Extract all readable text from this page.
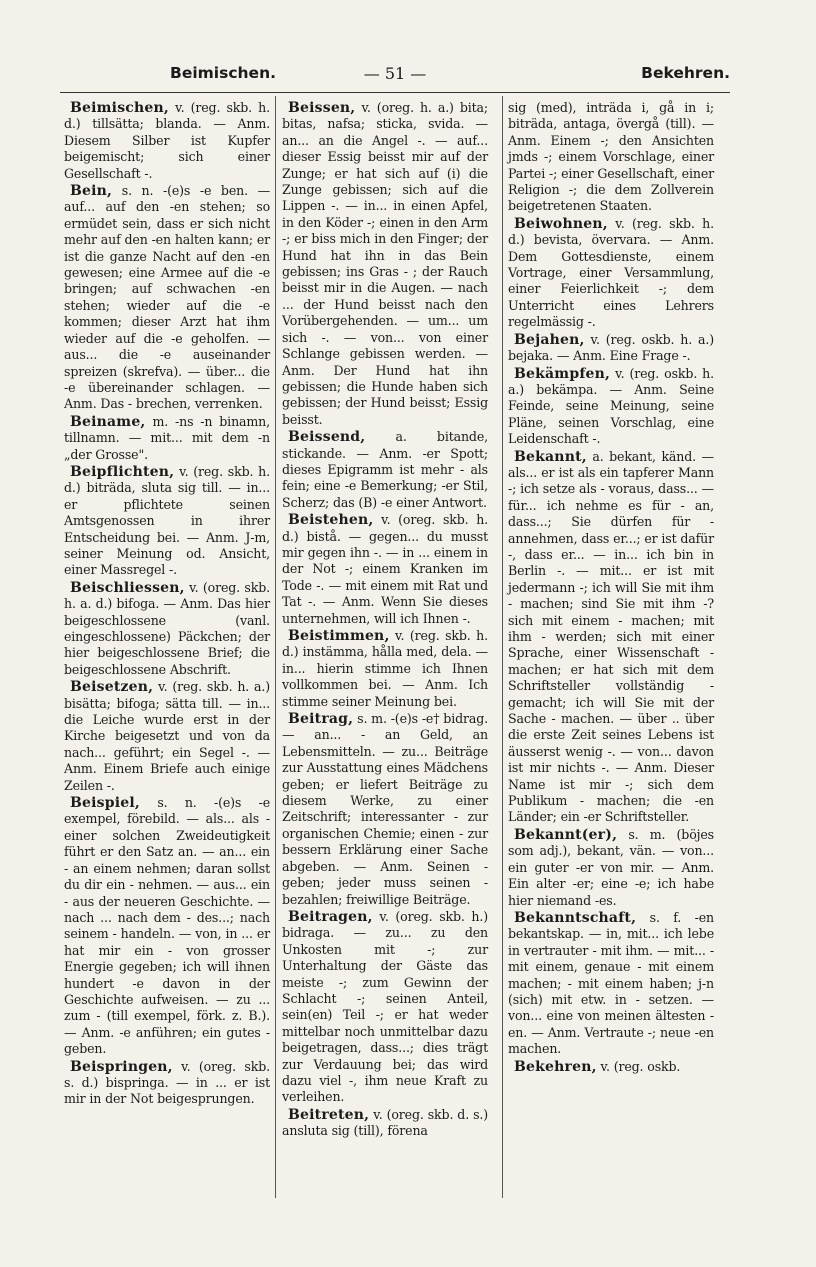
Beimischen.	— 51 —	Bekehren.

Beimischen, v. (reg. skb. h. d.) tillsätta; blanda. — Anm. Diesem Silber ist Kupfer beigemischt; sich einer Gesellschaft -.

Bein, s. n. -(e)s -e ben. — auf... auf den -en stehen; so ermüdet sein, dass er sich nicht mehr auf den -en halten kann; er ist die ganze Nacht auf den -en gewesen; eine Armee auf die -e bringen; auf schwachen -en stehen; wieder auf die -e kommen; dieser Arzt hat ihm wieder auf die -e geholfen. — aus... die -e auseinander spreizen (skrefva). — über... die -e übereinander schlagen. — Anm. Das - brechen, verrenken.

Beiname, m. -ns -n binamn, tillnamn. — mit... mit dem -n „der Grosse".

Beipflichten, v. (reg. skb. h. d.) biträda, sluta sig till. — in... er pflichtete seinen Amtsgenossen in ihrer Entscheidung bei. — Anm. J-m, seiner Meinung od. Ansicht, einer Massregel -.

Beischliessen, v. (oreg. skb. h. a. d.) bifoga. — Anm. Das hier beigeschlossene (vanl. eingeschlossene) Päckchen; der hier beigeschlossene Brief; die beigeschlossene Abschrift.

Beisetzen, v. (reg. skb. h. a.) bisätta; bifoga; sätta till. — in... die Leiche wurde erst in der Kirche beigesetzt und von da nach... geführt; ein Segel -. — Anm. Einem Briefe auch einige Zeilen -.

Beispiel, s. n. -(e)s -e exempel, förebild. — als... als - einer solchen Zweideutigkeit führt er den Satz an. — an... ein - an einem nehmen; daran sollst du dir ein - nehmen. — aus... ein - aus der neueren Geschichte. — nach ... nach dem - des...; nach seinem - handeln. — von, in ... er hat mir ein - von grosser Energie gegeben; ich will ihnen hundert -e davon in der Geschichte aufweisen. — zu ... zum - (till exempel, förk. z. B.). — Anm. -e anführen; ein gutes - geben.

Beispringen, v. (oreg. skb. s. d.) bispringa. — in ... er ist mir in der Not beigesprungen.

Beissen, v. (oreg. h. a.) bita; bitas, nafsa; sticka, svida. — an... an die Angel -. — auf... dieser Essig beisst mir auf der Zunge; er hat sich auf (i) die Zunge gebissen; sich auf die Lippen -. — in... in einen Apfel, in den Köder -; einen in den Arm -; er biss mich in den Finger; der Hund hat ihn in das Bein gebissen; ins Gras - ; der Rauch beisst mir in die Augen. — nach ... der Hund beisst nach den Vorübergehenden. — um... um sich -. — von... von einer Schlange gebissen werden. — Anm. Der Hund hat ihn gebissen; die Hunde haben sich gebissen; der Hund beisst; Essig beisst.

Beissend, a. bitande, stickande. — Anm. -er Spott; dieses Epigramm ist mehr - als fein; eine -e Bemerkung; -er Stil, Scherz; das (B) -e einer Antwort.

Beistehen, v. (oreg. skb. h. d.) bistå. — gegen... du musst mir gegen ihn -. — in ... einem in der Not -; einem Kranken im Tode -. — mit einem mit Rat und Tat -. — Anm. Wenn Sie dieses unternehmen, will ich Ihnen -.

Beistimmen, v. (reg. skb. h. d.) instämma, hålla med, dela. — in... hierin stimme ich Ihnen vollkommen bei. — Anm. Ich stimme seiner Meinung bei.

Beitrag, s. m. -(e)s -e† bidrag. — an... - an Geld, an Lebensmitteln. — zu... Beiträge zur Ausstattung eines Mädchens geben; er liefert Beiträge zu diesem Werke, zu einer Zeitschrift; interessanter - zur organischen Chemie; einen - zur bessern Erklärung einer Sache abgeben. — Anm. Seinen - geben; jeder muss seinen - bezahlen; freiwillige Beiträge.

Beitragen, v. (oreg. skb. h.) bidraga. — zu... zu den Unkosten mit -; zur Unterhaltung der Gäste das meiste -; zum Gewinn der Schlacht -; seinen Anteil, sein(en) Teil -; er hat weder mittelbar noch unmittelbar dazu beigetragen, dass...; dies trägt zur Verdauung bei; das wird dazu viel -, ihm neue Kraft zu verleihen.

Beitreten, v. (oreg. skb. d. s.) ansluta sig (till), förena

sig (med), inträda i, gå in i; biträda, antaga, övergå (till). — Anm. Einem -; den Ansichten jmds -; einem Vorschlage, einer Partei -; einer Gesellschaft, einer Religion -; die dem Zollverein beigetretenen Staaten.

Beiwohnen, v. (reg. skb. h. d.) bevista, övervara. — Anm. Dem Gottesdienste, einem Vortrage, einer Versammlung, einer Feierlichkeit -; dem Unterricht eines Lehrers regelmässig -.

Bejahen, v. (reg. oskb. h. a.) bejaka. — Anm. Eine Frage -.

Bekämpfen, v. (reg. oskb. h. a.) bekämpa. — Anm. Seine Feinde, seine Meinung, seine Pläne, seinen Vorschlag, eine Leidenschaft -.

Bekannt, a. bekant, känd. — als... er ist als ein tapferer Mann -; ich setze als - voraus, dass... — für... ich nehme es für - an, dass...; Sie dürfen für - annehmen, dass er...; er ist dafür -, dass er... — in... ich bin in Berlin -. — mit... er ist mit jedermann -; ich will Sie mit ihm - machen; sind Sie mit ihm -? sich mit einem - machen; mit ihm - werden; sich mit einer Sprache, einer Wissenschaft - machen; er hat sich mit dem Schriftsteller vollständig - gemacht; ich will Sie mit der Sache - machen. — über .. über die erste Zeit seines Lebens ist äusserst wenig -. — von... davon ist mir nichts -. — Anm. Dieser Name ist mir -; sich dem Publikum - machen; die -en Länder; ein -er Schriftsteller.

Bekannt(er), s. m. (böjes som adj.), bekant, vän. — von... ein guter -er von mir. — Anm. Ein alter -er; eine -e; ich habe hier niemand -es.

Bekanntschaft, s. f. -en bekantskap. — in, mit... ich lebe in vertrauter - mit ihm. — mit... - mit einem, genaue - mit einem machen; - mit einem haben; j-n (sich) mit etw. in - setzen. — von... eine von meinen ältesten -en. — Anm. Vertraute -; neue -en machen.

Bekehren, v. (reg. oskb.
